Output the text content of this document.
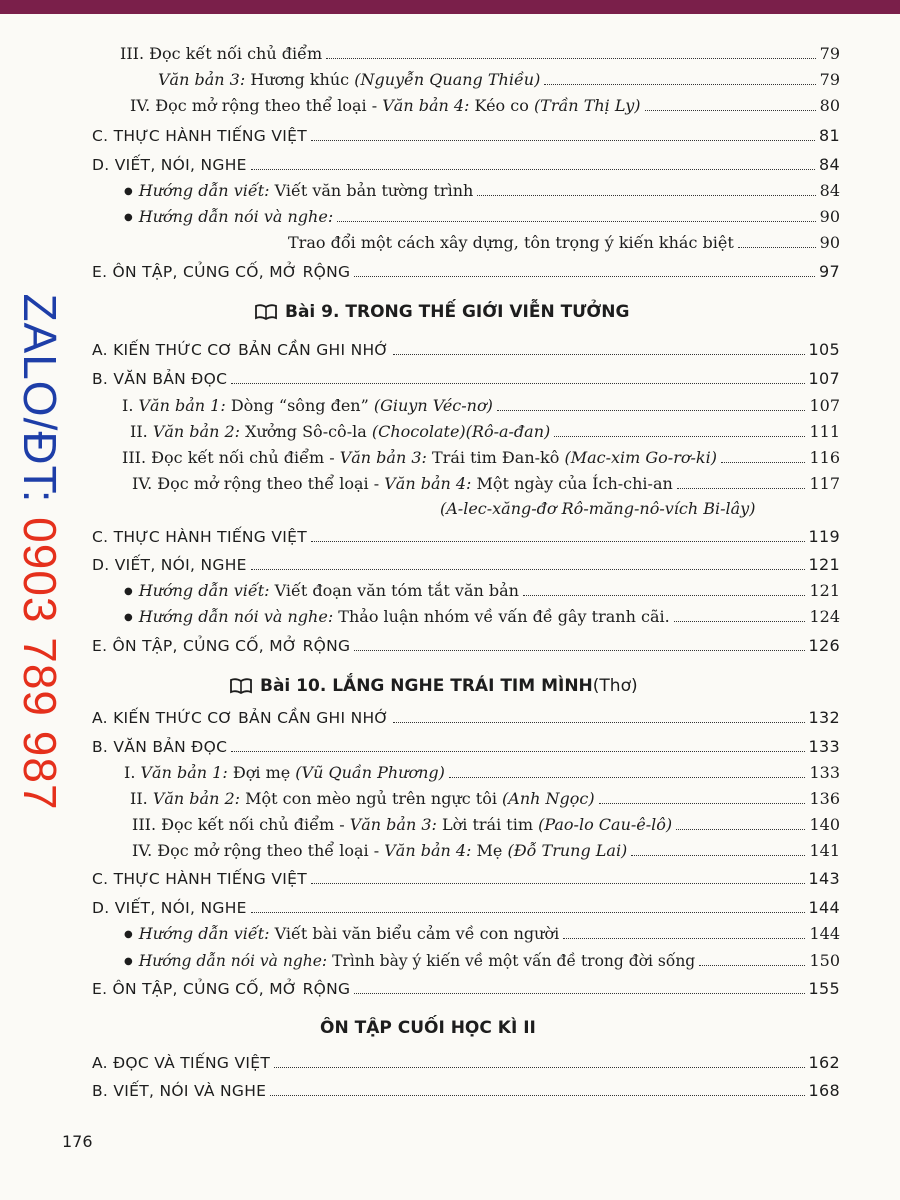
ZALO/ĐT: 0903 789 987
III. Đọc kết nối chủ điểm	79
Văn bản 3: Hương khúc (Nguyễn Quang Thiều)	79
IV. Đọc mở rộng theo thể loại - Văn bản 4: Kéo co (Trần Thị Ly)	80
C. THỰC HÀNH TIẾNG VIỆT	81
D. VIẾT, NÓI, NGHE	84
● Hướng dẫn viết: Viết văn bản tường trình	84
● Hướng dẫn nói và nghe:	90
Trao đổi một cách xây dựng, tôn trọng ý kiến khác biệt	90
E. ÔN TẬP, CỦNG CỐ, MỞ RỘNG	97
Bài 9. TRONG THẾ GIỚI VIỄN TƯỞNG
A. KIẾN THỨC CƠ BẢN CẦN GHI NHỚ	105
B. VĂN BẢN ĐỌC	107
I. Văn bản 1: Dòng “sông đen” (Giuyn Véc-nơ)	107
II. Văn bản 2: Xưởng Sô-cô-la (Chocolate)(Rô-a-đan)	111
III. Đọc kết nối chủ điểm - Văn bản 3: Trái tim Đan-kô (Mac-xim Go-rơ-ki)	116
IV. Đọc mở rộng theo thể loại - Văn bản 4: Một ngày của Ích-chi-an	117
(A-lec-xăng-đơ Rô-măng-nô-vích Bi-lây)
C. THỰC HÀNH TIẾNG VIỆT	119
D. VIẾT, NÓI, NGHE	121
● Hướng dẫn viết: Viết đoạn văn tóm tắt văn bản	121
● Hướng dẫn nói và nghe: Thảo luận nhóm về vấn đề gây tranh cãi.	124
E. ÔN TẬP, CỦNG CỐ, MỞ RỘNG	126
Bài 10. LẮNG NGHE TRÁI TIM MÌNH (Thơ)
A. KIẾN THỨC CƠ BẢN CẦN GHI NHỚ	132
B. VĂN BẢN ĐỌC	133
I. Văn bản 1: Đợi mẹ (Vũ Quần Phương)	133
II. Văn bản 2: Một con mèo ngủ trên ngực tôi (Anh Ngọc)	136
III. Đọc kết nối chủ điểm - Văn bản 3: Lời trái tim (Pao-lo Cau-ê-lô)	140
IV. Đọc mở rộng theo thể loại - Văn bản 4: Mẹ (Đỗ Trung Lai)	141
C. THỰC HÀNH TIẾNG VIỆT	143
D. VIẾT, NÓI, NGHE	144
● Hướng dẫn viết: Viết bài văn biểu cảm về con người	144
● Hướng dẫn nói và nghe: Trình bày ý kiến về một vấn đề trong đời sống	150
E. ÔN TẬP, CỦNG CỐ, MỞ RỘNG	155
ÔN TẬP CUỐI HỌC KÌ II
A. ĐỌC VÀ TIẾNG VIỆT	162
B. VIẾT, NÓI VÀ NGHE	168
176
